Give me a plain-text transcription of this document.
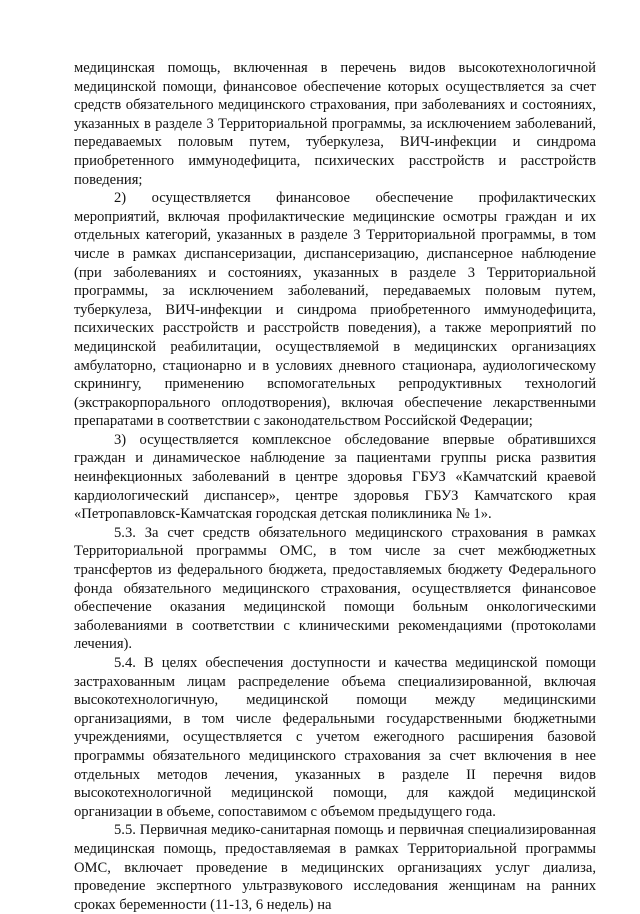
медицинская помощь, включенная в перечень видов высокотехнологичной медицинской помощи, финансовое обеспечение которых осуществляется за счет средств обязательного медицинского страхования, при заболеваниях и состояниях, указанных в разделе 3 Территориальной программы, за исключением заболеваний, передаваемых половым путем, туберкулеза, ВИЧ-инфекции и синдрома приобретенного иммунодефицита, психических расстройств и расстройств поведения;

2) осуществляется финансовое обеспечение профилактических мероприятий, включая профилактические медицинские осмотры граждан и их отдельных категорий, указанных в разделе 3 Территориальной программы, в том числе в рамках диспансеризации, диспансеризацию, диспансерное наблюдение (при заболеваниях и состояниях, указанных в разделе 3 Территориальной программы, за исключением заболеваний, передаваемых половым путем, туберкулеза, ВИЧ-инфекции и синдрома приобретенного иммунодефицита, психических расстройств и расстройств поведения), а также мероприятий по медицинской реабилитации, осуществляемой в медицинских организациях амбулаторно, стационарно и в условиях дневного стационара, аудиологическому скринингу, применению вспомогательных репродуктивных технологий (экстракорпорального оплодотворения), включая обеспечение лекарственными препаратами в соответствии с законодательством Российской Федерации;

3) осуществляется комплексное обследование впервые обратившихся граждан и динамическое наблюдение за пациентами группы риска развития неинфекционных заболеваний в центре здоровья ГБУЗ «Камчатский краевой кардиологический диспансер», центре здоровья ГБУЗ Камчатского края «Петропавловск-Камчатская городская детская поликлиника № 1».

5.3. За счет средств обязательного медицинского страхования в рамках Территориальной программы ОМС, в том числе за счет межбюджетных трансфертов из федерального бюджета, предоставляемых бюджету Федерального фонда обязательного медицинского страхования, осуществляется финансовое обеспечение оказания медицинской помощи больным онкологическими заболеваниями в соответствии с клиническими рекомендациями (протоколами лечения).

5.4. В целях обеспечения доступности и качества медицинской помощи застрахованным лицам распределение объема специализированной, включая высокотехнологичную, медицинской помощи между медицинскими организациями, в том числе федеральными государственными бюджетными учреждениями, осуществляется с учетом ежегодного расширения базовой программы обязательного медицинского страхования за счет включения в нее отдельных методов лечения, указанных в разделе II перечня видов высокотехнологичной медицинской помощи, для каждой медицинской организации в объеме, сопоставимом с объемом предыдущего года.

5.5. Первичная медико-санитарная помощь и первичная специализированная медицинская помощь, предоставляемая в рамках Территориальной программы ОМС, включает проведение в медицинских организациях услуг диализа, проведение экспертного ультразвукового исследования женщинам на ранних сроках беременности (11-13, 6 недель) на
